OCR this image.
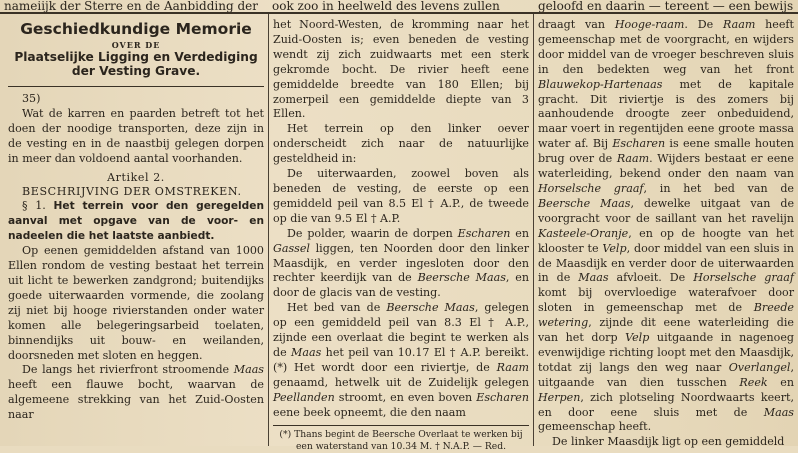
nameiijk der Sterre en de Aanbidding der	ook zoo in heelweld des levens zullen	geloofd en daarin — tereent — een bewijs
Geschiedkundige Memorie
OVER DE
Plaatselijke Ligging en Verdediging
der Vesting Grave.

35)

Wat de karren en paarden betreft tot het doen der noodige transporten, deze zijn in de vesting en in de naastbij gelegen dorpen in meer dan voldoend aantal voorhanden.

Artikel 2.

BESCHRIJVING DER OMSTREKEN.

§ 1. Het terrein voor den geregelden aanval met opgave van de voor- en nadeelen die het laatste aanbiedt.

Op eenen gemiddelden afstand van 1000 Ellen rondom de vesting bestaat het terrein uit licht te bewerken zandgrond; buitendijks goede uiterwaarden vormende, die zoolang zij niet bij hooge rivierstanden onder water komen alle belegeringsarbeid toelaten, binnendijks uit bouw- en weilanden, doorsneden met sloten en heggen.

De langs het rivierfront stroomende Maas heeft een flauwe bocht, waarvan de algemeene strekking van het Zuid-Oosten naar

het Noord-Westen, de kromming naar het Zuid-Oosten is; even beneden de vesting wendt zij zich zuidwaarts met een sterk gekromde bocht. De rivier heeft eene gemiddelde breedte van 180 Ellen; bij zomerpeil een gemiddelde diepte van 3 Ellen.

Het terrein op den linker oever onderscheidt zich naar de natuurlijke gesteldheid in:

De uiterwaarden, zoowel boven als beneden de vesting, de eerste op een gemiddeld peil van 8.5 El † A.P., de tweede op die van 9.5 El † A.P.

De polder, waarin de dorpen Escharen en Gassel liggen, ten Noorden door den linker Maasdijk, en verder ingesloten door den rechter keerdijk van de Beersche Maas, en door de glacis van de vesting.

Het bed van de Beersche Maas, gelegen op een gemiddeld peil van 8.3 El † A.P., zijnde een overlaat die begint te werken als de Maas het peil van 10.17 El † A.P. bereikt. (*) Het wordt door een riviertje, de Raam genaamd, hetwelk uit de Zuidelijk gelegen Peellanden stroomt, en even boven Escharen eene beek opneemt, die den naam

(*) Thans begint de Beersche Overlaat te werken bij een waterstand van 10.34 M. † N.A.P. — Red.

draagt van Hooge-raam. De Raam heeft gemeenschap met de voorgracht, en wijders door middel van de vroeger beschreven sluis in den bedekten weg van het front Blauwekop-Hartenaas met de kapitale gracht. Dit riviertje is des zomers bij aanhoudende droogte zeer onbeduidend, maar voert in regentijden eene groote massa water af. Bij Escharen is eene smalle houten brug over de Raam. Wijders bestaat er eene waterleiding, bekend onder den naam van Horselsche graaf, in het bed van de Beersche Maas, dewelke uitgaat van de voorgracht voor de saillant van het ravelijn Kasteele-Oranje, en op de hoogte van het klooster te Velp, door middel van een sluis in de Maasdijk en verder door de uiterwaarden in de Maas afvloeit. De Horselsche graaf komt bij overvloedige waterafvoer door sloten in gemeenschap met de Breede wetering, zijnde dit eene waterleiding die van het dorp Velp uitgaande in nagenoeg evenwijdige richting loopt met den Maasdijk, totdat zij langs den weg naar Overlangel, uitgaande van dien tusschen Reek en Herpen, zich plotseling Noordwaarts keert, en door eene sluis met de Maas gemeenschap heeft.

De linker Maasdijk ligt op een gemiddeld
